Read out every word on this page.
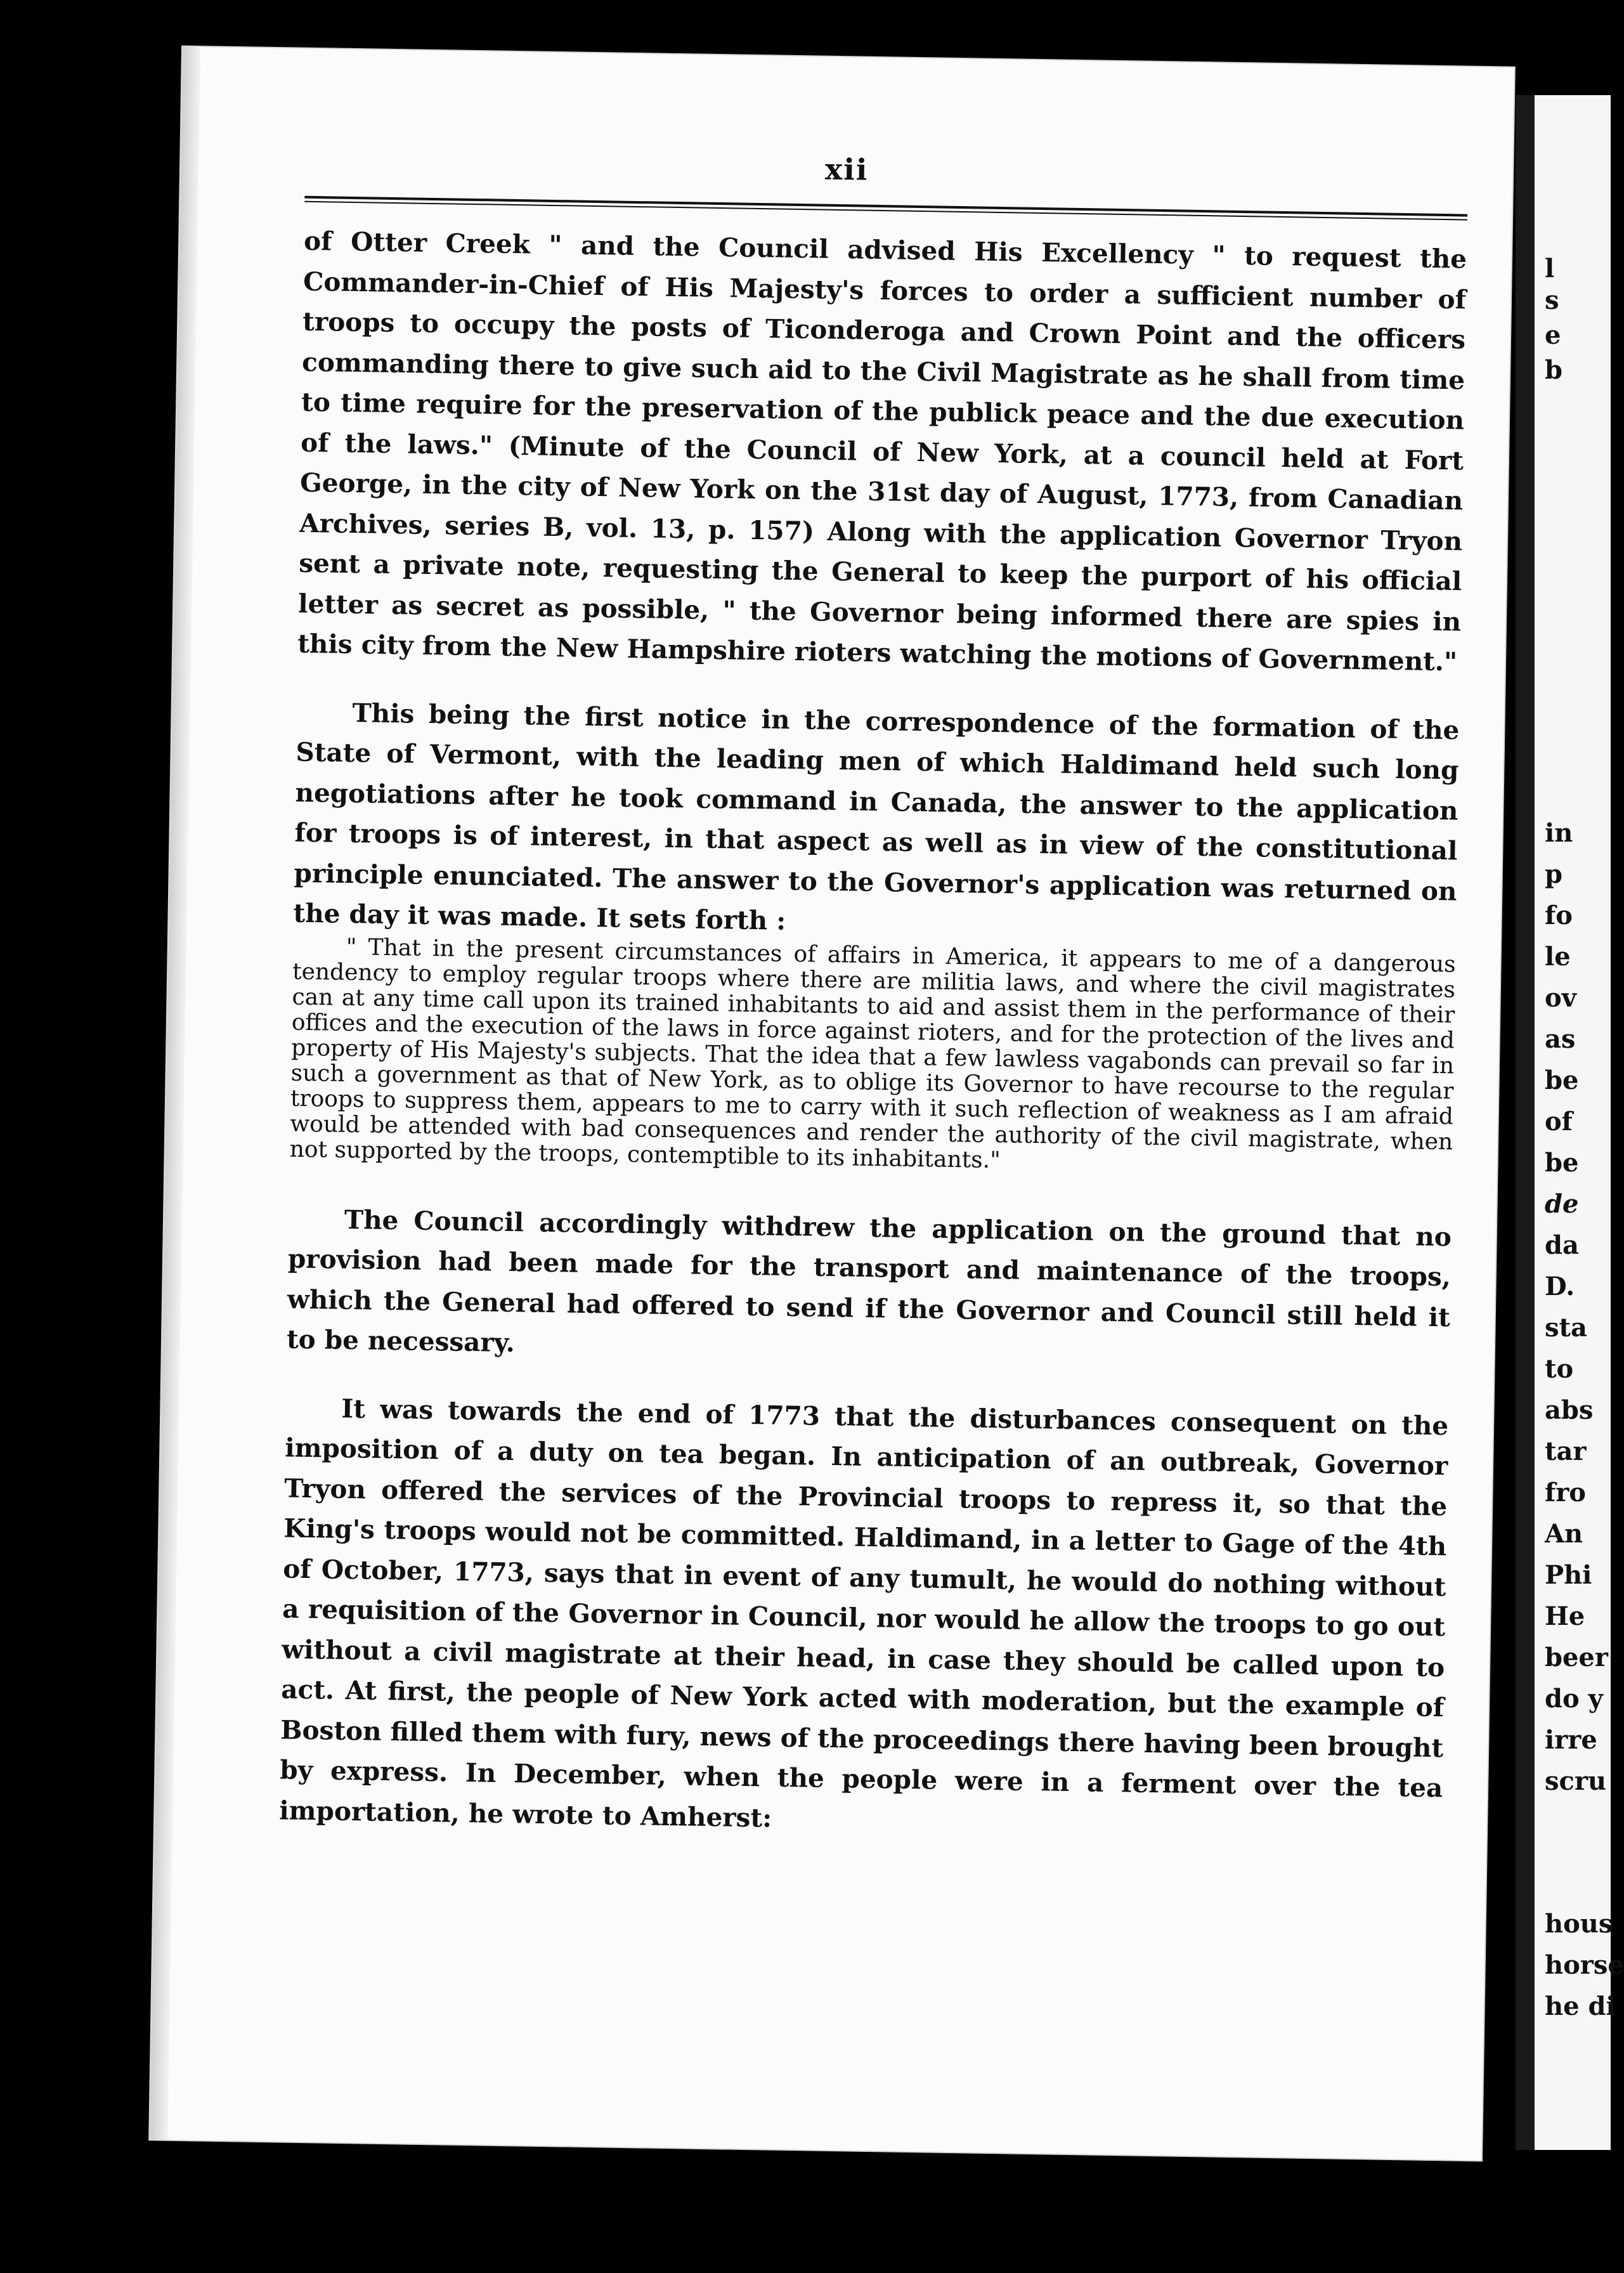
l
s
e
b
in
p
fo
le
ov
as
be
of
be
de
da
D.
sta
to
abs
tar
fro
An
Phi
He
beer
do y
irre
scru
hous
horse
he di
xii

of Otter Creek " and the Council advised His Excellency " to request the Commander-in-Chief of His Majesty's forces to order a sufficient number of troops to occupy the posts of Ticonderoga and Crown Point and the officers commanding there to give such aid to the Civil Magistrate as he shall from time to time require for the preservation of the publick peace and the due execution of the laws." (Minute of the Council of New York, at a council held at Fort George, in the city of New York on the 31st day of August, 1773, from Canadian Archives, series B, vol. 13, p. 157) Along with the application Governor Tryon sent a private note, requesting the General to keep the purport of his official letter as secret as possible, " the Governor being informed there are spies in this city from the New Hampshire rioters watching the motions of Government."

This being the first notice in the correspondence of the formation of the State of Vermont, with the leading men of which Haldimand held such long negotiations after he took command in Canada, the answer to the application for troops is of interest, in that aspect as well as in view of the constitutional principle enunciated. The answer to the Governor's application was returned on the day it was made. It sets forth :

" That in the present circumstances of affairs in America, it appears to me of a dangerous tendency to employ regular troops where there are militia laws, and where the civil magistrates can at any time call upon its trained inhabitants to aid and assist them in the performance of their offices and the execution of the laws in force against rioters, and for the protection of the lives and property of His Majesty's subjects. That the idea that a few lawless vagabonds can prevail so far in such a government as that of New York, as to oblige its Governor to have recourse to the regular troops to suppress them, appears to me to carry with it such reflection of weakness as I am afraid would be attended with bad consequences and render the authority of the civil magistrate, when not supported by the troops, contemptible to its inhabitants."

The Council accordingly withdrew the application on the ground that no provision had been made for the transport and maintenance of the troops, which the General had offered to send if the Governor and Council still held it to be necessary.

It was towards the end of 1773 that the disturbances consequent on the imposition of a duty on tea began. In anticipation of an outbreak, Governor Tryon offered the services of the Provincial troops to repress it, so that the King's troops would not be committed. Haldimand, in a letter to Gage of the 4th of October, 1773, says that in event of any tumult, he would do nothing without a requisition of the Governor in Council, nor would he allow the troops to go out without a civil magistrate at their head, in case they should be called upon to act. At first, the people of New York acted with moderation, but the example of Boston filled them with fury, news of the proceedings there having been brought by express. In December, when the people were in a ferment over the tea importation, he wrote to Amherst:
